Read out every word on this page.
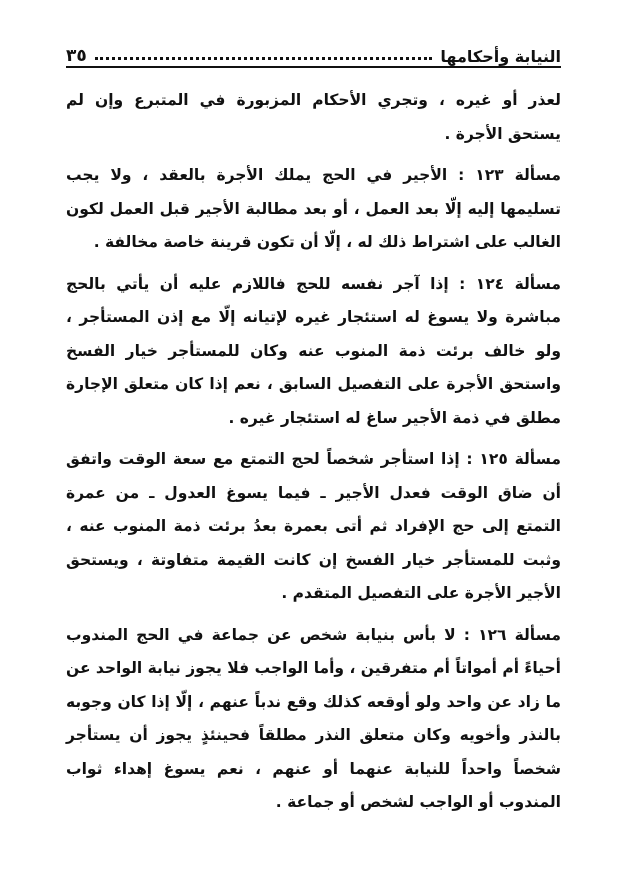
النيابة وأحكامها
٣٥

لعذر أو غيره ، وتجري الأحكام المزبورة في المتبرع وإن لم يستحق الأجرة .

مسألة ١٢٣ : الأجير في الحج يملك الأجرة بالعقد ، ولا يجب تسليمها إليه إلّا بعد العمل ، أو بعد مطالبة الأجير قبل العمل لكون الغالب على اشتراط ذلك له ، إلّا أن تكون قرينة خاصة مخالفة .

مسألة ١٢٤ : إذا آجر نفسه للحج فاللازم عليه أن يأتي بالحج مباشرة ولا يسوغ له استئجار غيره لإتيانه إلّا مع إذن المستأجر ، ولو خالف برئت ذمة المنوب عنه وكان للمستأجر خيار الفسخ واستحق الأجرة على التفصيل السابق ، نعم إذا كان متعلق الإجارة مطلق في ذمة الأجير ساغ له استئجار غيره .

مسألة ١٢٥ : إذا استأجر شخصاً لحج التمتع مع سعة الوقت واتفق أن ضاق الوقت فعدل الأجير ـ فيما يسوغ العدول ـ من عمرة التمتع إلى حج الإفراد ثم أتى بعمرة بعدُ برئت ذمة المنوب عنه ، وثبت للمستأجر خيار الفسخ إن كانت القيمة متفاوتة ، ويستحق الأجير الأجرة على التفصيل المتقدم .

مسألة ١٢٦ : لا بأس بنيابة شخص عن جماعة في الحج المندوب أحياءً أم أمواتاً أم متفرقين ، وأما الواجب فلا يجوز نيابة الواحد عن ما زاد عن واحد ولو أوقعه كذلك وقع ندباً عنهم ، إلّا إذا كان وجوبه بالنذر وأخويه وكان متعلق النذر مطلقاً فحينئذٍ يجوز أن يستأجر شخصاً واحداً للنيابة عنهما أو عنهم ، نعم يسوغ إهداء ثواب المندوب أو الواجب لشخص أو جماعة .
